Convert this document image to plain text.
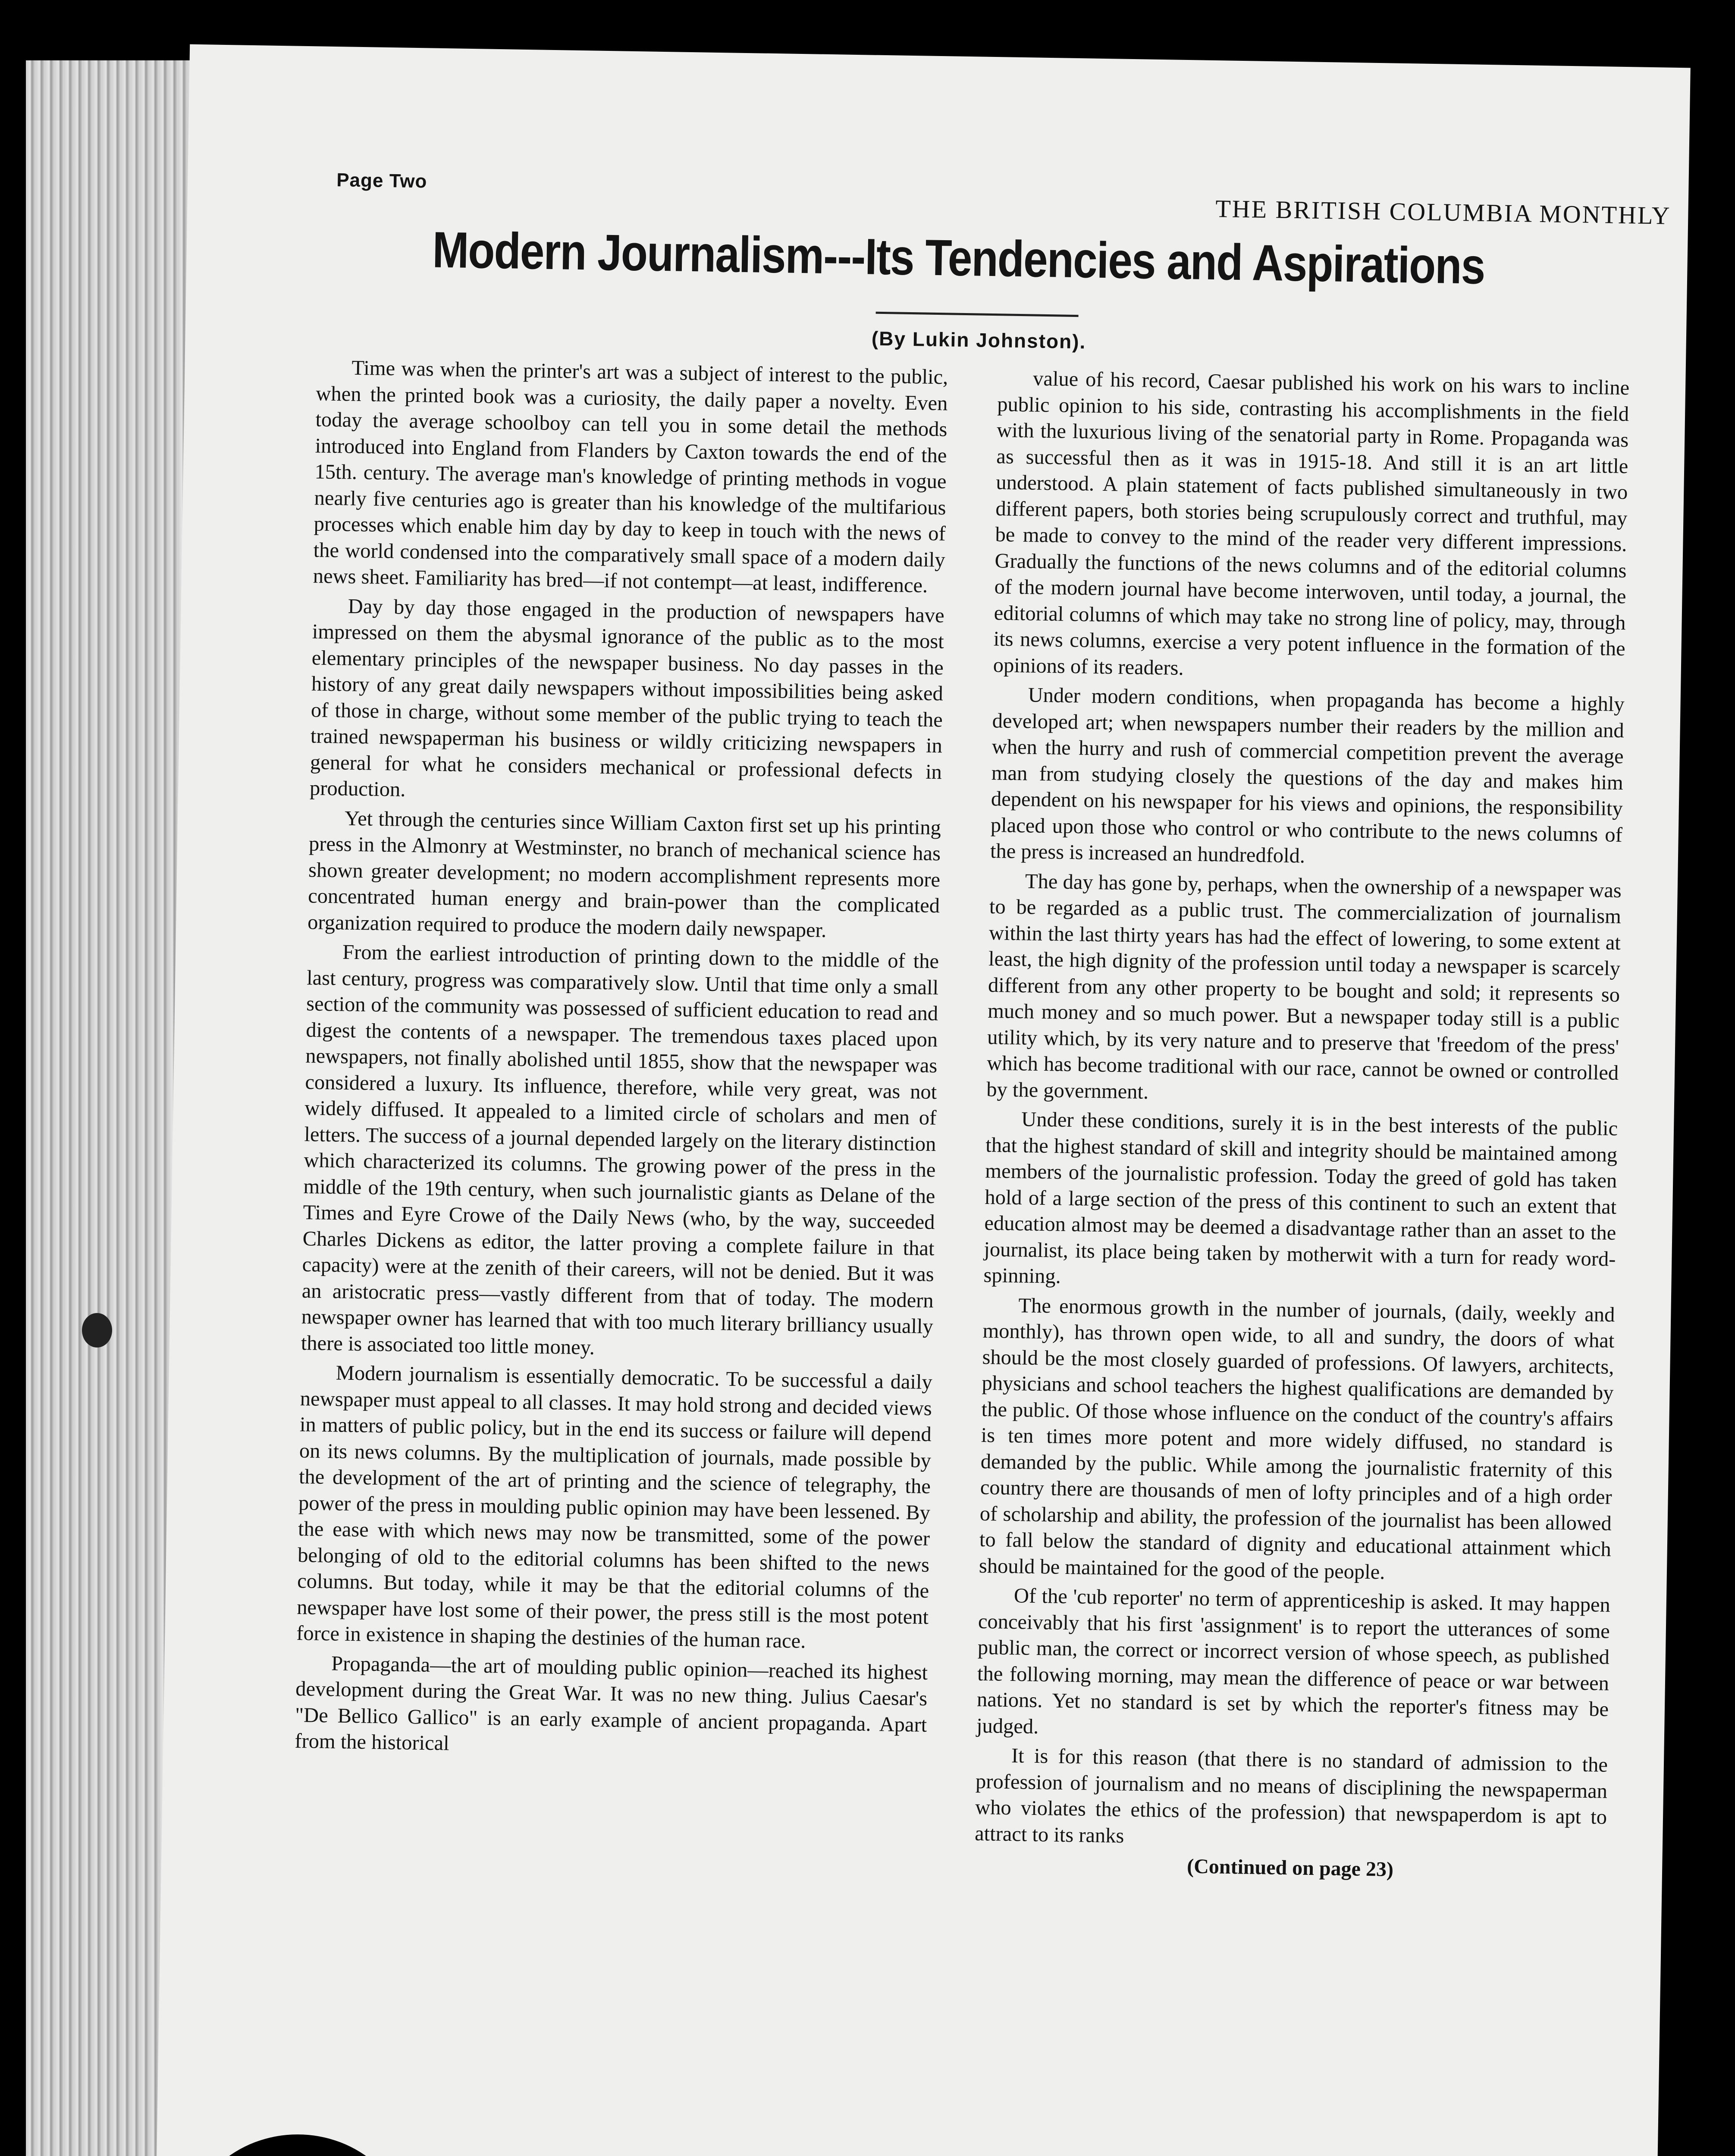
Page Two
THE BRITISH COLUMBIA MONTHLY
Modern Journalism---Its Tendencies and Aspirations
(By Lukin Johnston).

Time was when the printer's art was a subject of interest to the public, when the printed book was a curiosity, the daily paper a novelty. Even today the average schoolboy can tell you in some detail the methods introduced into England from Flanders by Caxton towards the end of the 15th. century. The average man's knowledge of printing methods in vogue nearly five centuries ago is greater than his knowledge of the multifarious processes which enable him day by day to keep in touch with the news of the world condensed into the comparatively small space of a modern daily news sheet. Familiarity has bred—if not contempt—at least, indifference.

Day by day those engaged in the production of newspapers have impressed on them the abysmal ignorance of the public as to the most elementary principles of the newspaper business. No day passes in the history of any great daily newspapers without impossibilities being asked of those in charge, without some member of the public trying to teach the trained newspaperman his business or wildly criticizing newspapers in general for what he considers mechanical or professional defects in production.

Yet through the centuries since William Caxton first set up his printing press in the Almonry at Westminster, no branch of mechanical science has shown greater development; no modern accomplishment represents more concentrated human energy and brain-power than the complicated organization required to produce the modern daily newspaper.

From the earliest introduction of printing down to the middle of the last century, progress was comparatively slow. Until that time only a small section of the community was possessed of sufficient education to read and digest the contents of a newspaper. The tremendous taxes placed upon newspapers, not finally abolished until 1855, show that the newspaper was considered a luxury. Its influence, therefore, while very great, was not widely diffused. It appealed to a limited circle of scholars and men of letters. The success of a journal depended largely on the literary distinction which characterized its columns. The growing power of the press in the middle of the 19th century, when such journalistic giants as Delane of the Times and Eyre Crowe of the Daily News (who, by the way, succeeded Charles Dickens as editor, the latter proving a complete failure in that capacity) were at the zenith of their careers, will not be denied. But it was an aristocratic press—vastly different from that of today. The modern newspaper owner has learned that with too much literary brilliancy usually there is associated too little money.

Modern journalism is essentially democratic. To be successful a daily newspaper must appeal to all classes. It may hold strong and decided views in matters of public policy, but in the end its success or failure will depend on its news columns. By the multiplication of journals, made possible by the development of the art of printing and the science of telegraphy, the power of the press in moulding public opinion may have been lessened. By the ease with which news may now be transmitted, some of the power belonging of old to the editorial columns has been shifted to the news columns. But today, while it may be that the editorial columns of the newspaper have lost some of their power, the press still is the most potent force in existence in shaping the destinies of the human race.

Propaganda—the art of moulding public opinion—reached its highest development during the Great War. It was no new thing. Julius Caesar's "De Bellico Gallico" is an early example of ancient propaganda. Apart from the historical

value of his record, Caesar published his work on his wars to incline public opinion to his side, contrasting his accomplishments in the field with the luxurious living of the senatorial party in Rome. Propaganda was as successful then as it was in 1915-18. And still it is an art little understood. A plain statement of facts published simultaneously in two different papers, both stories being scrupulously correct and truthful, may be made to convey to the mind of the reader very different impressions. Gradually the functions of the news columns and of the editorial columns of the modern journal have become interwoven, until today, a journal, the editorial columns of which may take no strong line of policy, may, through its news columns, exercise a very potent influence in the formation of the opinions of its readers.

Under modern conditions, when propaganda has become a highly developed art; when newspapers number their readers by the million and when the hurry and rush of commercial competition prevent the average man from studying closely the questions of the day and makes him dependent on his newspaper for his views and opinions, the responsibility placed upon those who control or who contribute to the news columns of the press is increased an hundredfold.

The day has gone by, perhaps, when the ownership of a newspaper was to be regarded as a public trust. The commercialization of journalism within the last thirty years has had the effect of lowering, to some extent at least, the high dignity of the profession until today a newspaper is scarcely different from any other property to be bought and sold; it represents so much money and so much power. But a newspaper today still is a public utility which, by its very nature and to preserve that 'freedom of the press' which has become traditional with our race, cannot be owned or controlled by the government.

Under these conditions, surely it is in the best interests of the public that the highest standard of skill and integrity should be maintained among members of the journalistic profession. Today the greed of gold has taken hold of a large section of the press of this continent to such an extent that education almost may be deemed a disadvantage rather than an asset to the journalist, its place being taken by motherwit with a turn for ready word-spinning.

The enormous growth in the number of journals, (daily, weekly and monthly), has thrown open wide, to all and sundry, the doors of what should be the most closely guarded of professions. Of lawyers, architects, physicians and school teachers the highest qualifications are demanded by the public. Of those whose influence on the conduct of the country's affairs is ten times more potent and more widely diffused, no standard is demanded by the public. While among the journalistic fraternity of this country there are thousands of men of lofty principles and of a high order of scholarship and ability, the profession of the journalist has been allowed to fall below the standard of dignity and educational attainment which should be maintained for the good of the people.

Of the 'cub reporter' no term of apprenticeship is asked. It may happen conceivably that his first 'assignment' is to report the utterances of some public man, the correct or incorrect version of whose speech, as published the following morning, may mean the difference of peace or war between nations. Yet no standard is set by which the reporter's fitness may be judged.

It is for this reason (that there is no standard of admission to the profession of journalism and no means of disciplining the newspaperman who violates the ethics of the profession) that newspaperdom is apt to attract to its ranks

(Continued on page 23)
